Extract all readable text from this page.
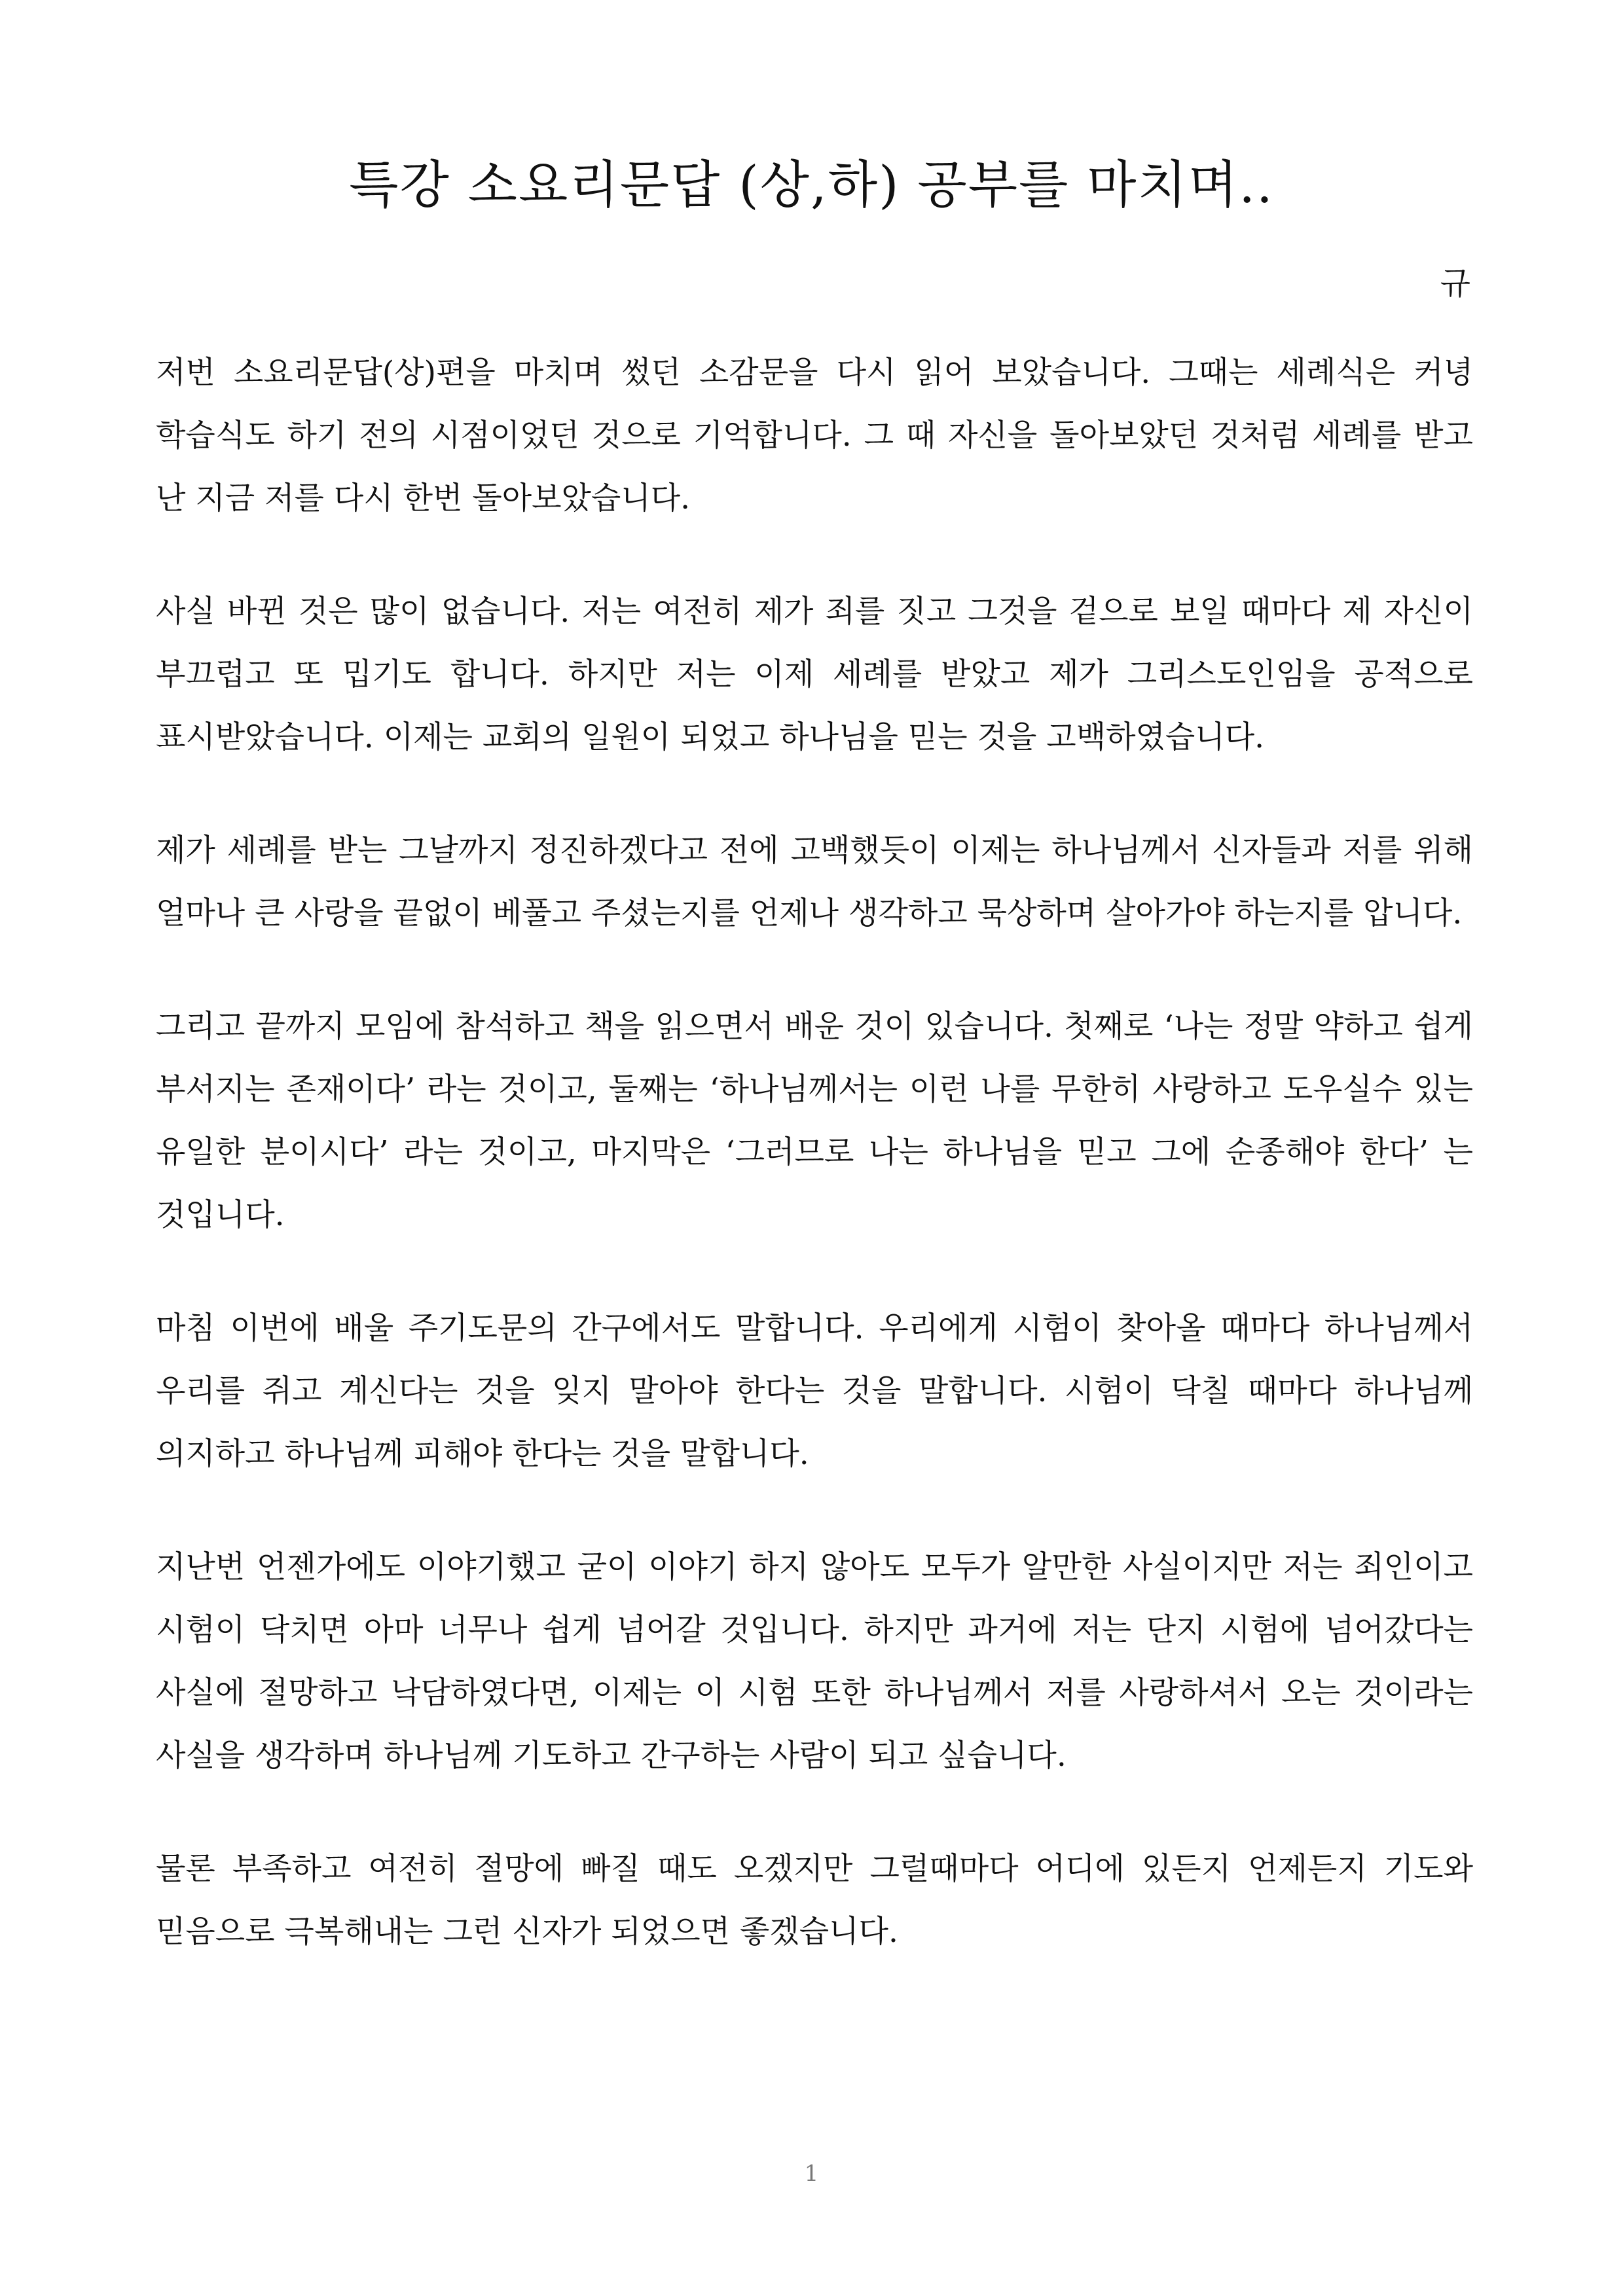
특강 소요리문답 (상,하) 공부를 마치며..

규

저번 소요리문답(상)편을 마치며 썼던 소감문을 다시 읽어 보았습니다. 그때는 세례식은 커녕 학습식도 하기 전의 시점이었던 것으로 기억합니다. 그 때 자신을 돌아보았던 것처럼 세례를 받고 난 지금 저를 다시 한번 돌아보았습니다.

사실 바뀐 것은 많이 없습니다. 저는 여전히 제가 죄를 짓고 그것을 겉으로 보일 때마다 제 자신이 부끄럽고 또 밉기도 합니다. 하지만 저는 이제 세례를 받았고 제가 그리스도인임을 공적으로 표시받았습니다. 이제는 교회의 일원이 되었고 하나님을 믿는 것을 고백하였습니다.

제가 세례를 받는 그날까지 정진하겠다고 전에 고백했듯이 이제는 하나님께서 신자들과 저를 위해 얼마나 큰 사랑을 끝없이 베풀고 주셨는지를 언제나 생각하고 묵상하며 살아가야 하는지를 압니다.

그리고 끝까지 모임에 참석하고 책을 읽으면서 배운 것이 있습니다. 첫째로 ‘나는 정말 약하고 쉽게 부서지는 존재이다’ 라는 것이고, 둘째는 ‘하나님께서는 이런 나를 무한히 사랑하고 도우실수 있는 유일한 분이시다’ 라는 것이고, 마지막은 ‘그러므로 나는 하나님을 믿고 그에 순종해야 한다’ 는 것입니다.

마침 이번에 배울 주기도문의 간구에서도 말합니다. 우리에게 시험이 찾아올 때마다 하나님께서 우리를 쥐고 계신다는 것을 잊지 말아야 한다는 것을 말합니다. 시험이 닥칠 때마다 하나님께 의지하고 하나님께 피해야 한다는 것을 말합니다.

지난번 언젠가에도 이야기했고 굳이 이야기 하지 않아도 모두가 알만한 사실이지만 저는 죄인이고 시험이 닥치면 아마 너무나 쉽게 넘어갈 것입니다. 하지만 과거에 저는 단지 시험에 넘어갔다는 사실에 절망하고 낙담하였다면, 이제는 이 시험 또한 하나님께서 저를 사랑하셔서 오는 것이라는 사실을 생각하며 하나님께 기도하고 간구하는 사람이 되고 싶습니다.

물론 부족하고 여전히 절망에 빠질 때도 오겠지만 그럴때마다 어디에 있든지 언제든지 기도와 믿음으로 극복해내는 그런 신자가 되었으면 좋겠습니다.

1
